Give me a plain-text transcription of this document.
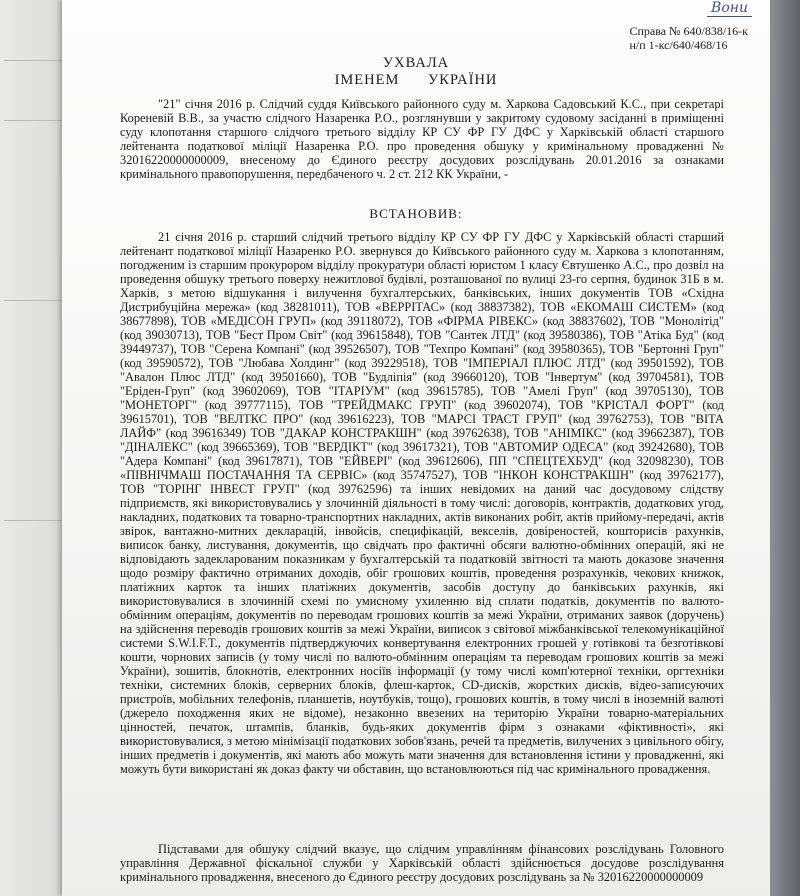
Вони
Справа № 640/838/16-к
н/п 1-кс/640/468/16
УХВАЛА
ІМЕНЕМ УКРАЇНИ
"21" січня 2016 р. Слідчий суддя Київського районного суду м. Харкова Садовський К.С., при секретарі Кореневій В.В., за участю слідчого Назаренка Р.О., розглянувши у закритому судовому засіданні в приміщенні суду клопотання старшого слідчого третього відділу КР СУ ФР ГУ ДФС у Харківській області старшого лейтенанта податкової міліції Назаренка Р.О. про проведення обшуку у кримінальному провадженні № 32016220000000009, внесеному до Єдиного реєстру досудових розслідувань 20.01.2016 за ознаками кримінального правопорушення, передбаченого ч. 2 ст. 212 КК України, -
ВСТАНОВИВ:
21 січня 2016 р. старший слідчий третього відділу КР СУ ФР ГУ ДФС у Харківській області старший лейтенант податкової міліції Назаренко Р.О. звернувся до Київського районного суду м. Харкова з клопотанням, погодженим із старшим прокурором відділу прокуратури області юристом 1 класу Євтушенко А.С., про дозвіл на проведення обшуку третього поверху нежитлової будівлі, розташованої по вулиці 23-го серпня, будинок 31Б в м. Харків, з метою відшукання і вилучення бухгалтерських, банківських, інших документів ТОВ «Східна Дистрибуційна мережа» (код 38281011), ТОВ «ВЕРРІТАС» (код 38837382), ТОВ «ЕКОМАШ СИСТЕМ» (код 38677898), ТОВ «МЕДІСОН ГРУП» (код 39118072), ТОВ «ФІРМА РІВЕКС» (код 38837602), ТОВ "Монолітід" (код 39030713), ТОВ "Бест Пром Світ" (код 39615848), ТОВ "Сантек ЛТД" (код 39580386), ТОВ "Атіка Буд" (код 39449737), ТОВ "Серена Компані" (код 39526507), ТОВ "Техпро Компані" (код 39580365), ТОВ "Бертонні Груп" (код 39590572), ТОВ "Любава Холдинг" (код 39229518), ТОВ "ІМПЕРІАЛ ПЛЮС ЛТД" (код 39501592), ТОВ "Авалон Плюс ЛТД" (код 39501660), ТОВ "Будліпія" (код 39660120), ТОВ "Інвертум" (код 39704581), ТОВ "Еріден-Груп" (код 39602069), ТОВ "ІТАРІУМ" (код 39615785), ТОВ "Амелі Груп" (код 39705130), ТОВ "МОНЕТОРГ" (код 39777115), ТОВ "ТРЕЙДМАКС ГРУП" (код 39602074), ТОВ "КРІСТАЛ ФОРТ" (код 39615701), ТОВ "ВЕЛТКС ПРО" (код 39616223), ТОВ "МАРСІ ТРАСТ ГРУП" (код 39762753), ТОВ "ВІТА ЛАЙФ" (код 39616349) ТОВ "ДАКАР КОНСТРАКШН" (код 39762638), ТОВ "АНІМІКС" (код 39662387), ТОВ "ДІНАЛЕКС" (код 39665369), ТОВ "ВЕРДІКТ" (код 39617321), ТОВ "АВТОМИР ОДЕСА" (код 39242680), ТОВ "Адера Компані" (код 39617871), ТОВ "ЕЙВЕРІ" (код 39612606), ПП "СПЕЦТЕХБУД" (код 32098230), ТОВ «ПІВНІЧМАШ ПОСТАЧАННЯ ТА СЕРВІС» (код 35747527), ТОВ "ІНКОН КОНСТРАКШН" (код 39762177), ТОВ "ТОРІНГ ІНВЕСТ ГРУП" (код 39762596) та інших невідомих на даний час досудовому слідству підприємств, які використовувались у злочинній діяльності в тому числі: договорів, контрактів, додаткових угод, накладних, податкових та товарно-транспортних накладних, актів виконаних робіт, актів прийому-передачі, актів звірок, вантажно-митних декларацій, інвойсів, специфікацій, векселів, довіреностей, кошторисів рахунків, виписок банку, листування, документів, що свідчать про фактичні обсяги валютно-обмінних операцій, які не відповідають задекларованим показникам у бухгалтерській та податковій звітності та мають доказове значення щодо розміру фактично отриманих доходів, обіг грошових коштів, проведення розрахунків, чекових книжок, платіжних карток та інших платіжних документів, засобів доступу до банківських рахунків, які використовувалися в злочинній схемі по умисному ухиленню від сплати податків, документів по валюто-обмінним операціям, документів по переводам грошових коштів за межі України, отриманих заявок (доручень) на здійснення переводів грошових коштів за межі України, виписок з світової міжбанківської телекомунікаційної системи S.W.I.F.T., документів підтверджуючих конвертування електронних грошей у готівкові та безготівкові кошти, чорнових записів (у тому числі по валюто-обмінним операціям та переводам грошових коштів за межі України), зошитів, блокнотів, електронних носіїв інформації (у тому числі комп'ютерної техніки, оргтехніки техніки, системних блоків, серверних блоків, флеш-карток, CD-дисків, жорстких дисків, відео-записуючих пристроїв, мобільних телефонів, планшетів, ноутбуків, тощо), грошових коштів, в тому числі в іноземній валюті (джерело походження яких не відоме), незаконно ввезених на територію України товарно-матеріальних цінностей, печаток, штампів, бланків, будь-яких документів фірм з ознаками «фіктивності», які використовувалися, з метою мінімізації податкових зобов'язань, речей та предметів, вилучених з цивільного обігу, інших предметів і документів, які мають або можуть мати значення для встановлення істини у провадженні, які можуть бути використані як доказ факту чи обставин, що встановлюються під час кримінального провадження.
Підставами для обшуку слідчий вказує, що слідчим управлінням фінансових розслідувань Головного управління Державної фіскальної служби у Харківській області здійснюється досудове розслідування кримінального провадження, внесеного до Єдиного реєстру досудових розслідувань за № 32016220000000009
